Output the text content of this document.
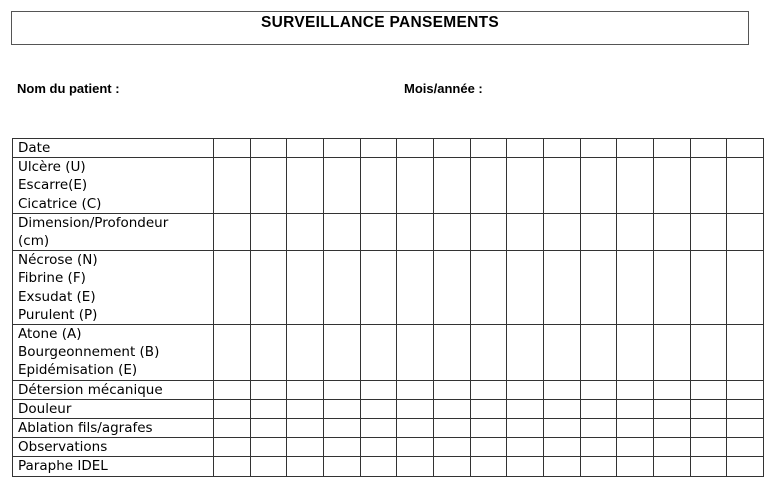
SURVEILLANCE PANSEMENTS
Nom du patient :	Mois/année :
Date															

Ulcère (U)
Escarre(E)
Cicatrice (C)															

Dimension/Profondeur
(cm)															

Nécrose (N)
Fibrine (F)
Exsudat (E)
Purulent (P)															

Atone (A)
Bourgeonnement (B)
Epidémisation (E)															

Détersion mécanique															

Douleur															

Ablation fils/agrafes															

Observations															

Paraphe IDEL															
